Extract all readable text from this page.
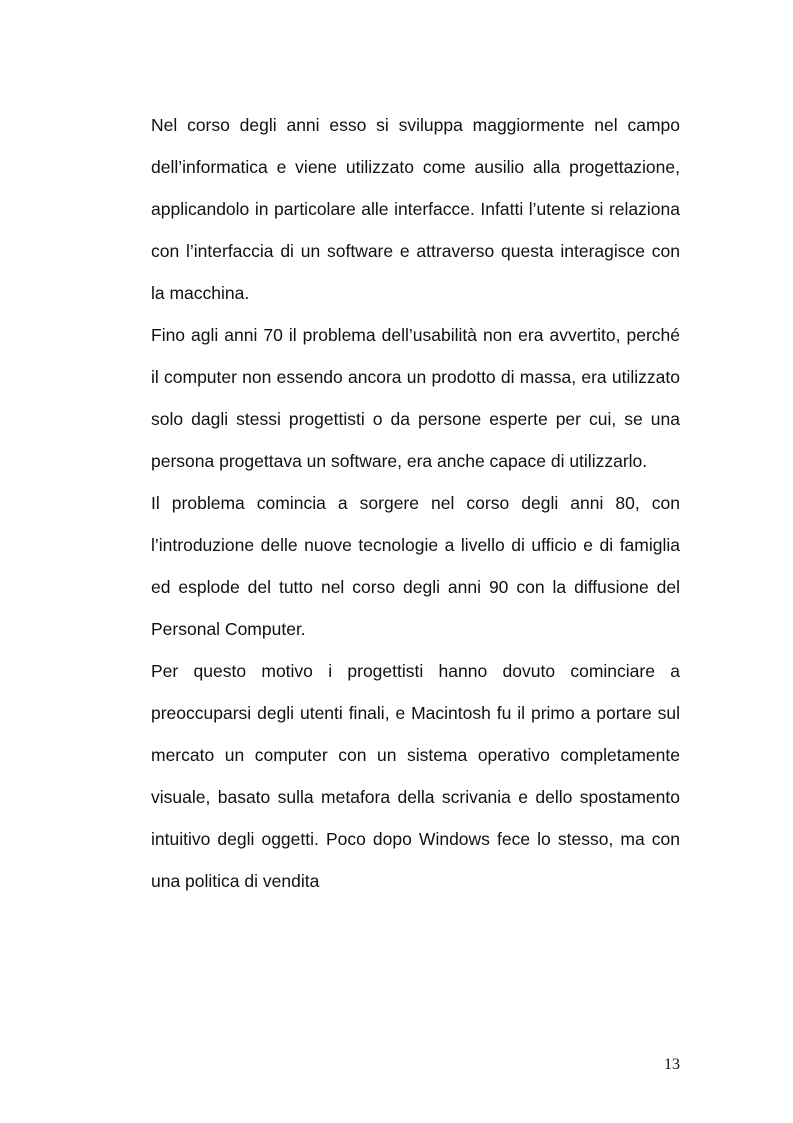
Nel corso degli anni esso si sviluppa maggiormente nel campo dell’informatica e viene utilizzato come ausilio alla progettazione, applicandolo in particolare alle interfacce. Infatti l’utente si relaziona con l’interfaccia di un software e attraverso questa interagisce con la macchina.

Fino agli anni 70 il problema dell’usabilità non era avvertito, perché il computer non essendo ancora un prodotto di massa, era utilizzato solo dagli stessi progettisti o da persone esperte per cui, se una persona progettava un software, era anche capace di utilizzarlo.

Il problema comincia a sorgere nel corso degli anni 80, con l’introduzione delle nuove tecnologie a livello di ufficio e di famiglia ed esplode del tutto nel corso degli anni 90 con la diffusione del Personal Computer.

Per questo motivo i progettisti hanno dovuto cominciare a preoccuparsi degli utenti finali, e Macintosh fu il primo a portare sul mercato un computer con un sistema operativo completamente visuale, basato sulla metafora della scrivania e dello spostamento intuitivo degli oggetti. Poco dopo Windows fece lo stesso, ma con una politica di vendita

13
